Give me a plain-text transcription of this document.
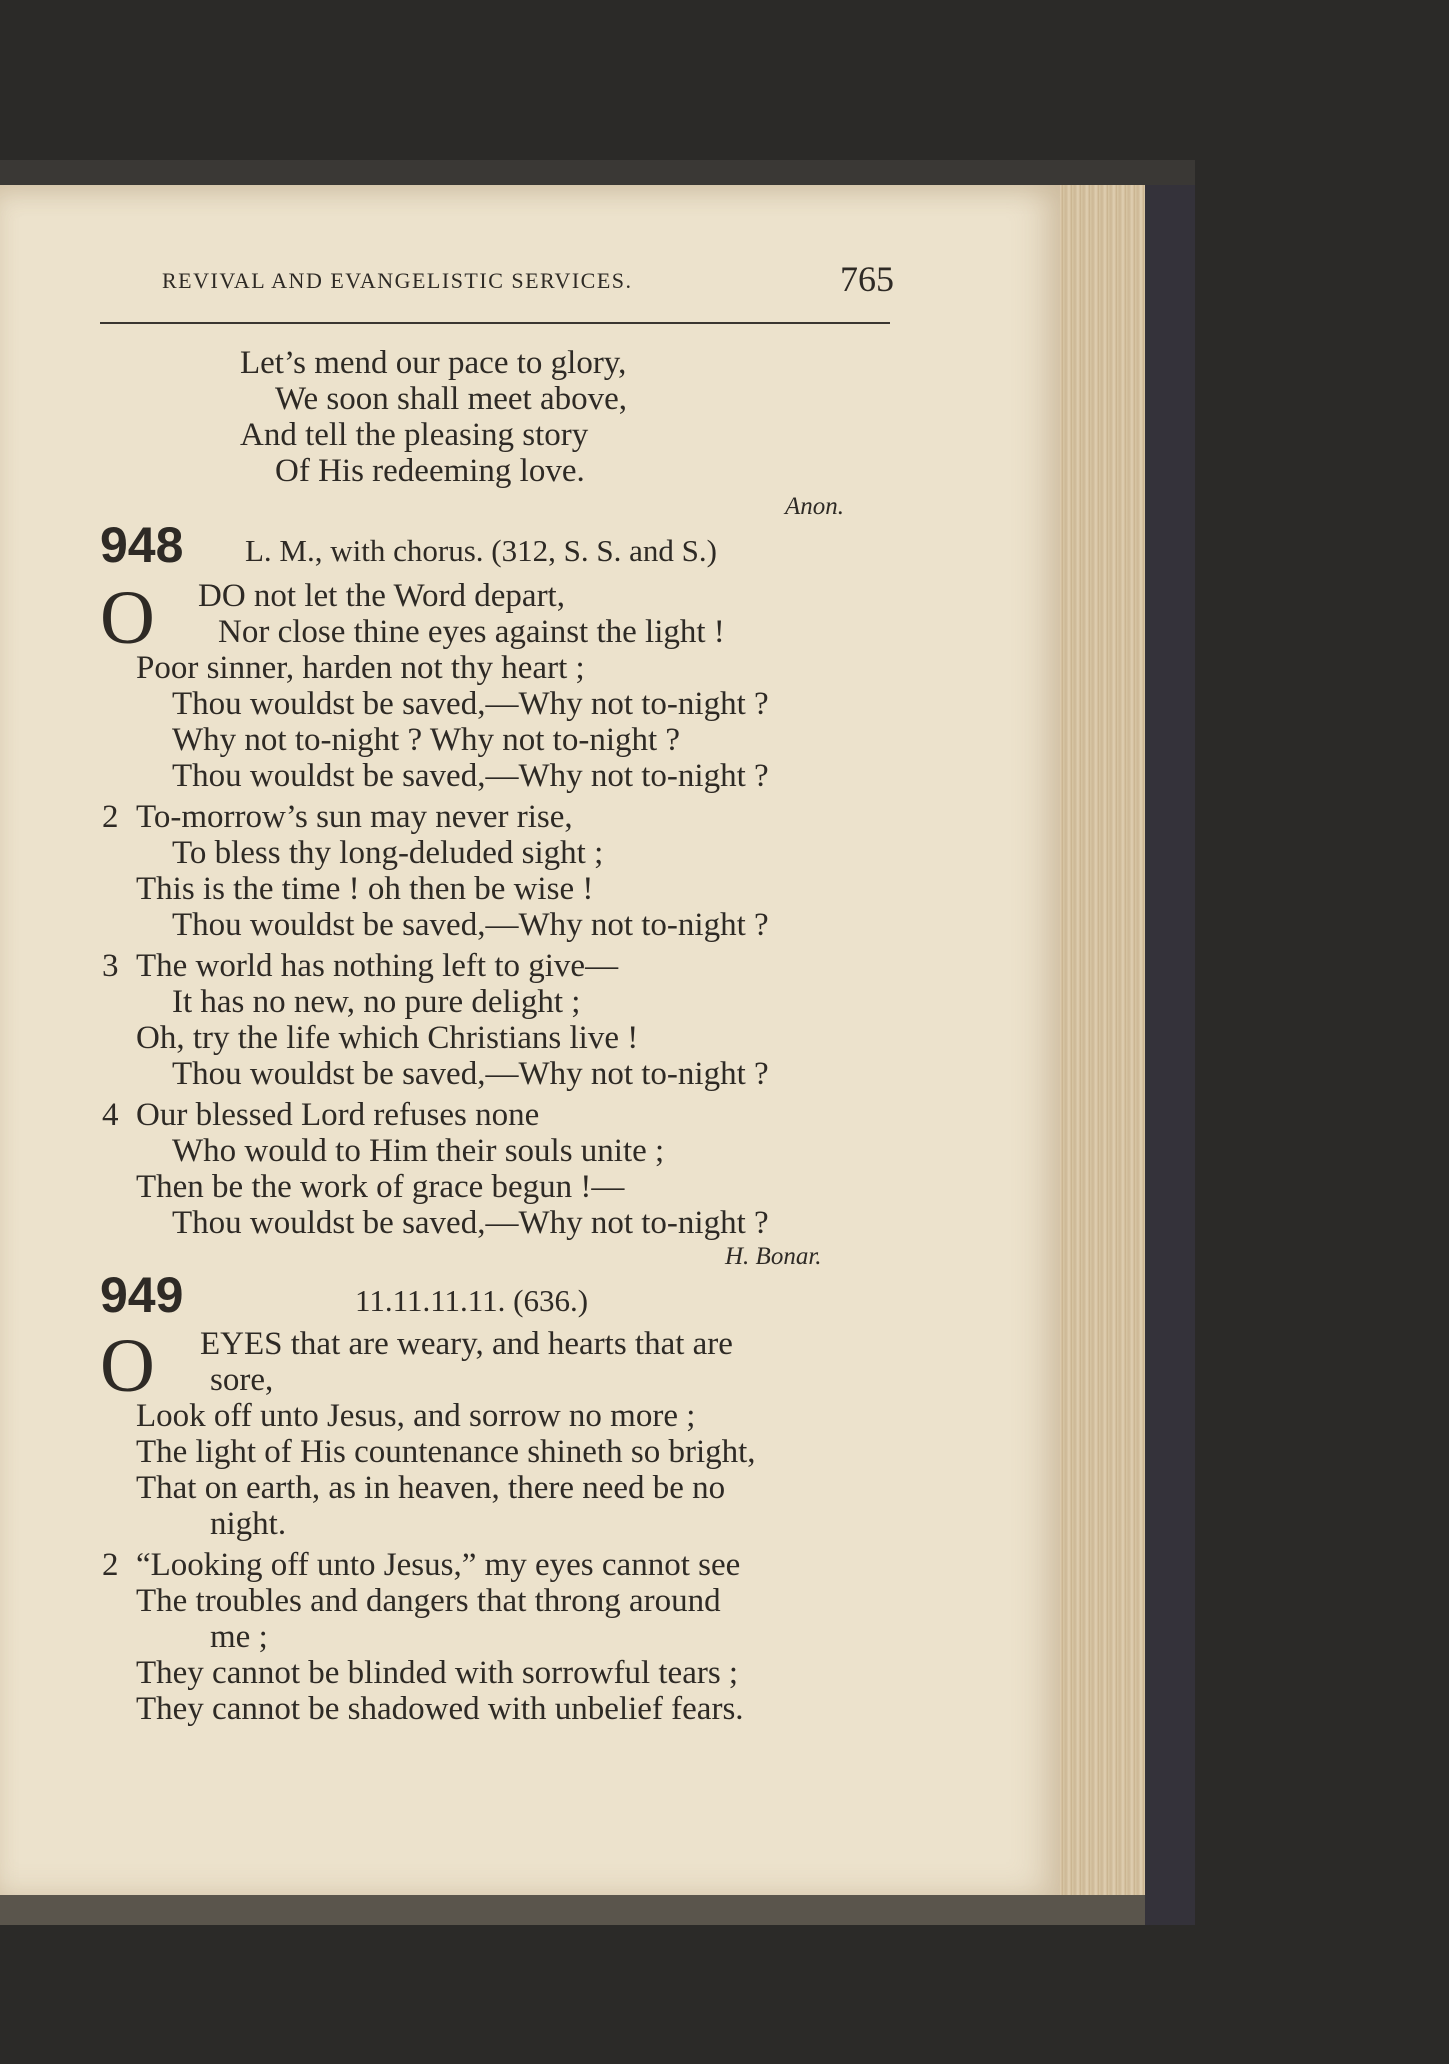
REVIVAL AND EVANGELISTIC SERVICES.	765
Let’s mend our pace to glory,
We soon shall meet above,
And tell the pleasing story
Of His redeeming love.
Anon.
948 L. M., with chorus. (312, S. S. and S.)
O DO not let the Word depart,
Nor close thine eyes against the light !
Poor sinner, harden not thy heart ;
Thou wouldst be saved,—Why not to-night ?
Why not to-night ? Why not to-night ?
Thou wouldst be saved,—Why not to-night ?
2 To-morrow’s sun may never rise,
To bless thy long-deluded sight ;
This is the time ! oh then be wise !
Thou wouldst be saved,—Why not to-night ?
3 The world has nothing left to give—
It has no new, no pure delight ;
Oh, try the life which Christians live !
Thou wouldst be saved,—Why not to-night ?
4 Our blessed Lord refuses none
Who would to Him their souls unite ;
Then be the work of grace begun !—
Thou wouldst be saved,—Why not to-night ?
H. Bonar.
949	11.11.11.11. (636.)
O EYES that are weary, and hearts that are
sore,
Look off unto Jesus, and sorrow no more ;
The light of His countenance shineth so bright,
That on earth, as in heaven, there need be no
night.
2 “Looking off unto Jesus,” my eyes cannot see
The troubles and dangers that throng around
me ;
They cannot be blinded with sorrowful tears ;
They cannot be shadowed with unbelief fears.
